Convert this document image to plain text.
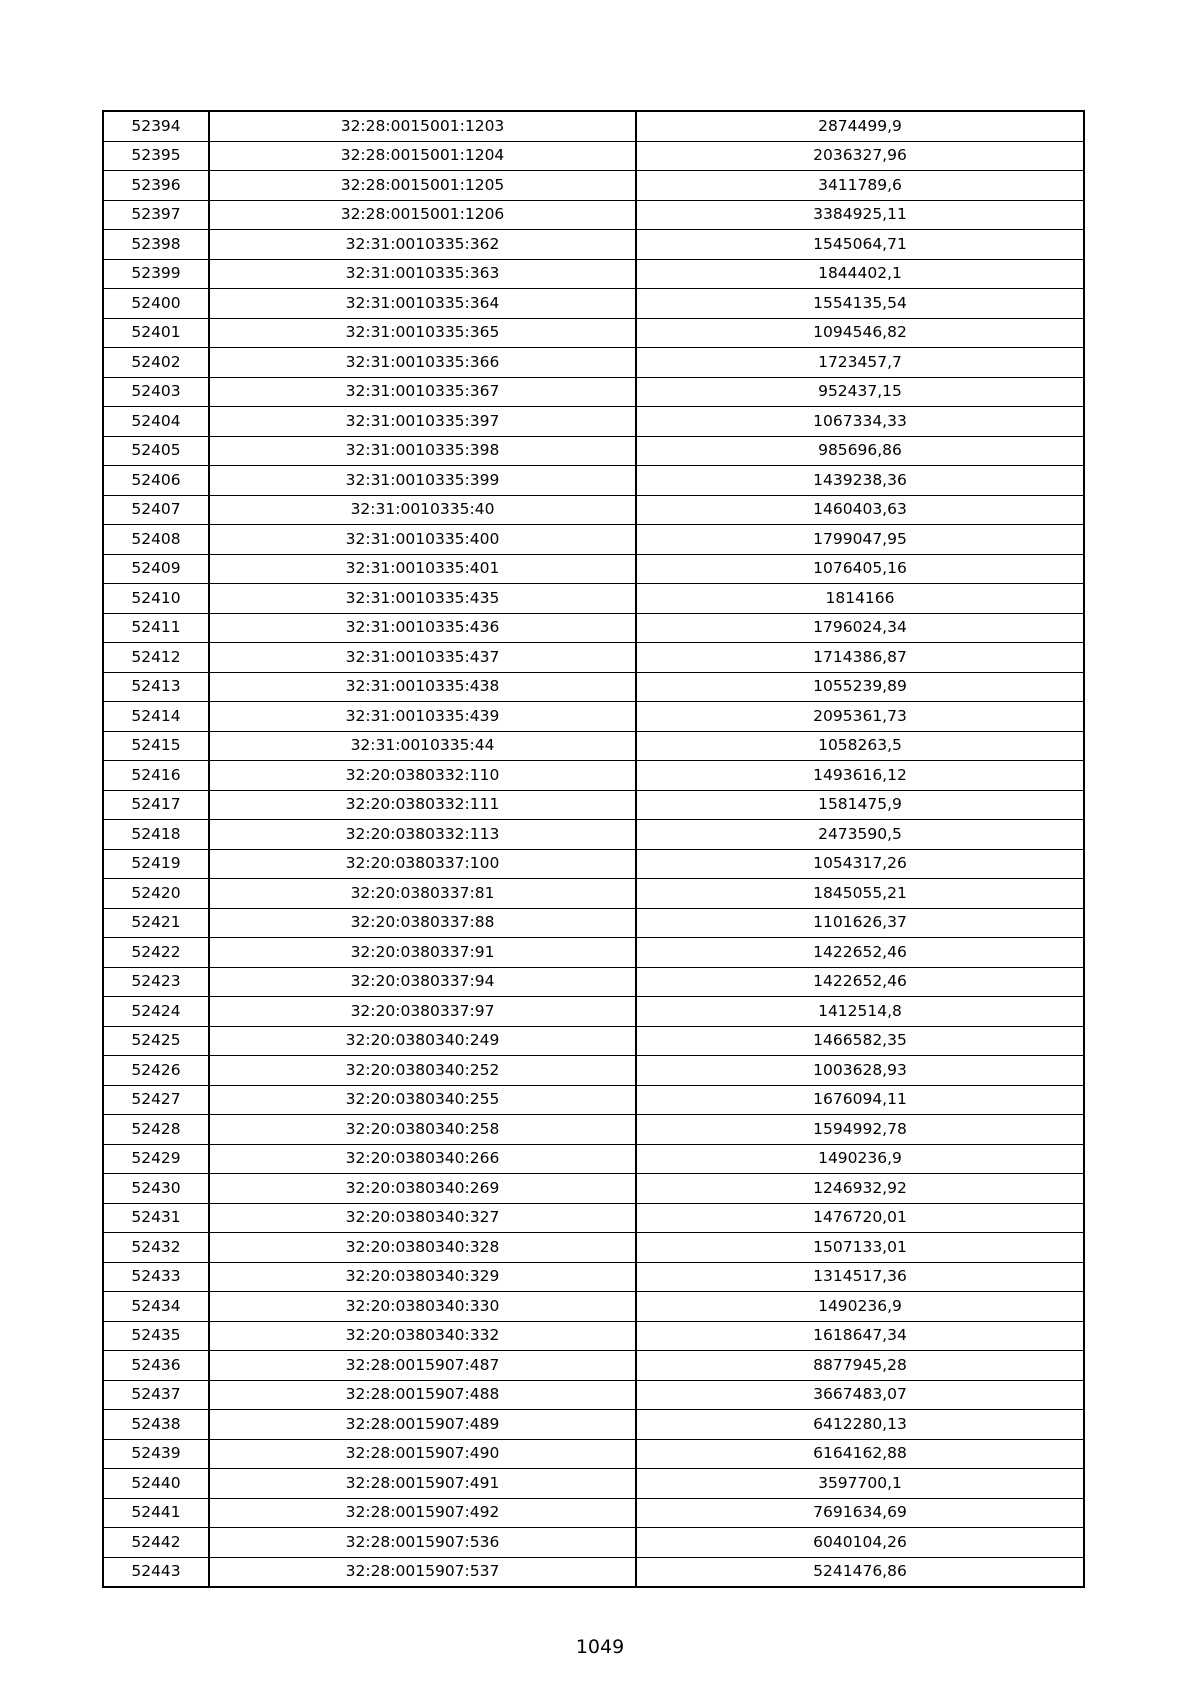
52394	32:28:0015001:1203	2874499,9
52395	32:28:0015001:1204	2036327,96
52396	32:28:0015001:1205	3411789,6
52397	32:28:0015001:1206	3384925,11
52398	32:31:0010335:362	1545064,71
52399	32:31:0010335:363	1844402,1
52400	32:31:0010335:364	1554135,54
52401	32:31:0010335:365	1094546,82
52402	32:31:0010335:366	1723457,7
52403	32:31:0010335:367	952437,15
52404	32:31:0010335:397	1067334,33
52405	32:31:0010335:398	985696,86
52406	32:31:0010335:399	1439238,36
52407	32:31:0010335:40	1460403,63
52408	32:31:0010335:400	1799047,95
52409	32:31:0010335:401	1076405,16
52410	32:31:0010335:435	1814166
52411	32:31:0010335:436	1796024,34
52412	32:31:0010335:437	1714386,87
52413	32:31:0010335:438	1055239,89
52414	32:31:0010335:439	2095361,73
52415	32:31:0010335:44	1058263,5
52416	32:20:0380332:110	1493616,12
52417	32:20:0380332:111	1581475,9
52418	32:20:0380332:113	2473590,5
52419	32:20:0380337:100	1054317,26
52420	32:20:0380337:81	1845055,21
52421	32:20:0380337:88	1101626,37
52422	32:20:0380337:91	1422652,46
52423	32:20:0380337:94	1422652,46
52424	32:20:0380337:97	1412514,8
52425	32:20:0380340:249	1466582,35
52426	32:20:0380340:252	1003628,93
52427	32:20:0380340:255	1676094,11
52428	32:20:0380340:258	1594992,78
52429	32:20:0380340:266	1490236,9
52430	32:20:0380340:269	1246932,92
52431	32:20:0380340:327	1476720,01
52432	32:20:0380340:328	1507133,01
52433	32:20:0380340:329	1314517,36
52434	32:20:0380340:330	1490236,9
52435	32:20:0380340:332	1618647,34
52436	32:28:0015907:487	8877945,28
52437	32:28:0015907:488	3667483,07
52438	32:28:0015907:489	6412280,13
52439	32:28:0015907:490	6164162,88
52440	32:28:0015907:491	3597700,1
52441	32:28:0015907:492	7691634,69
52442	32:28:0015907:536	6040104,26
52443	32:28:0015907:537	5241476,86
1049
